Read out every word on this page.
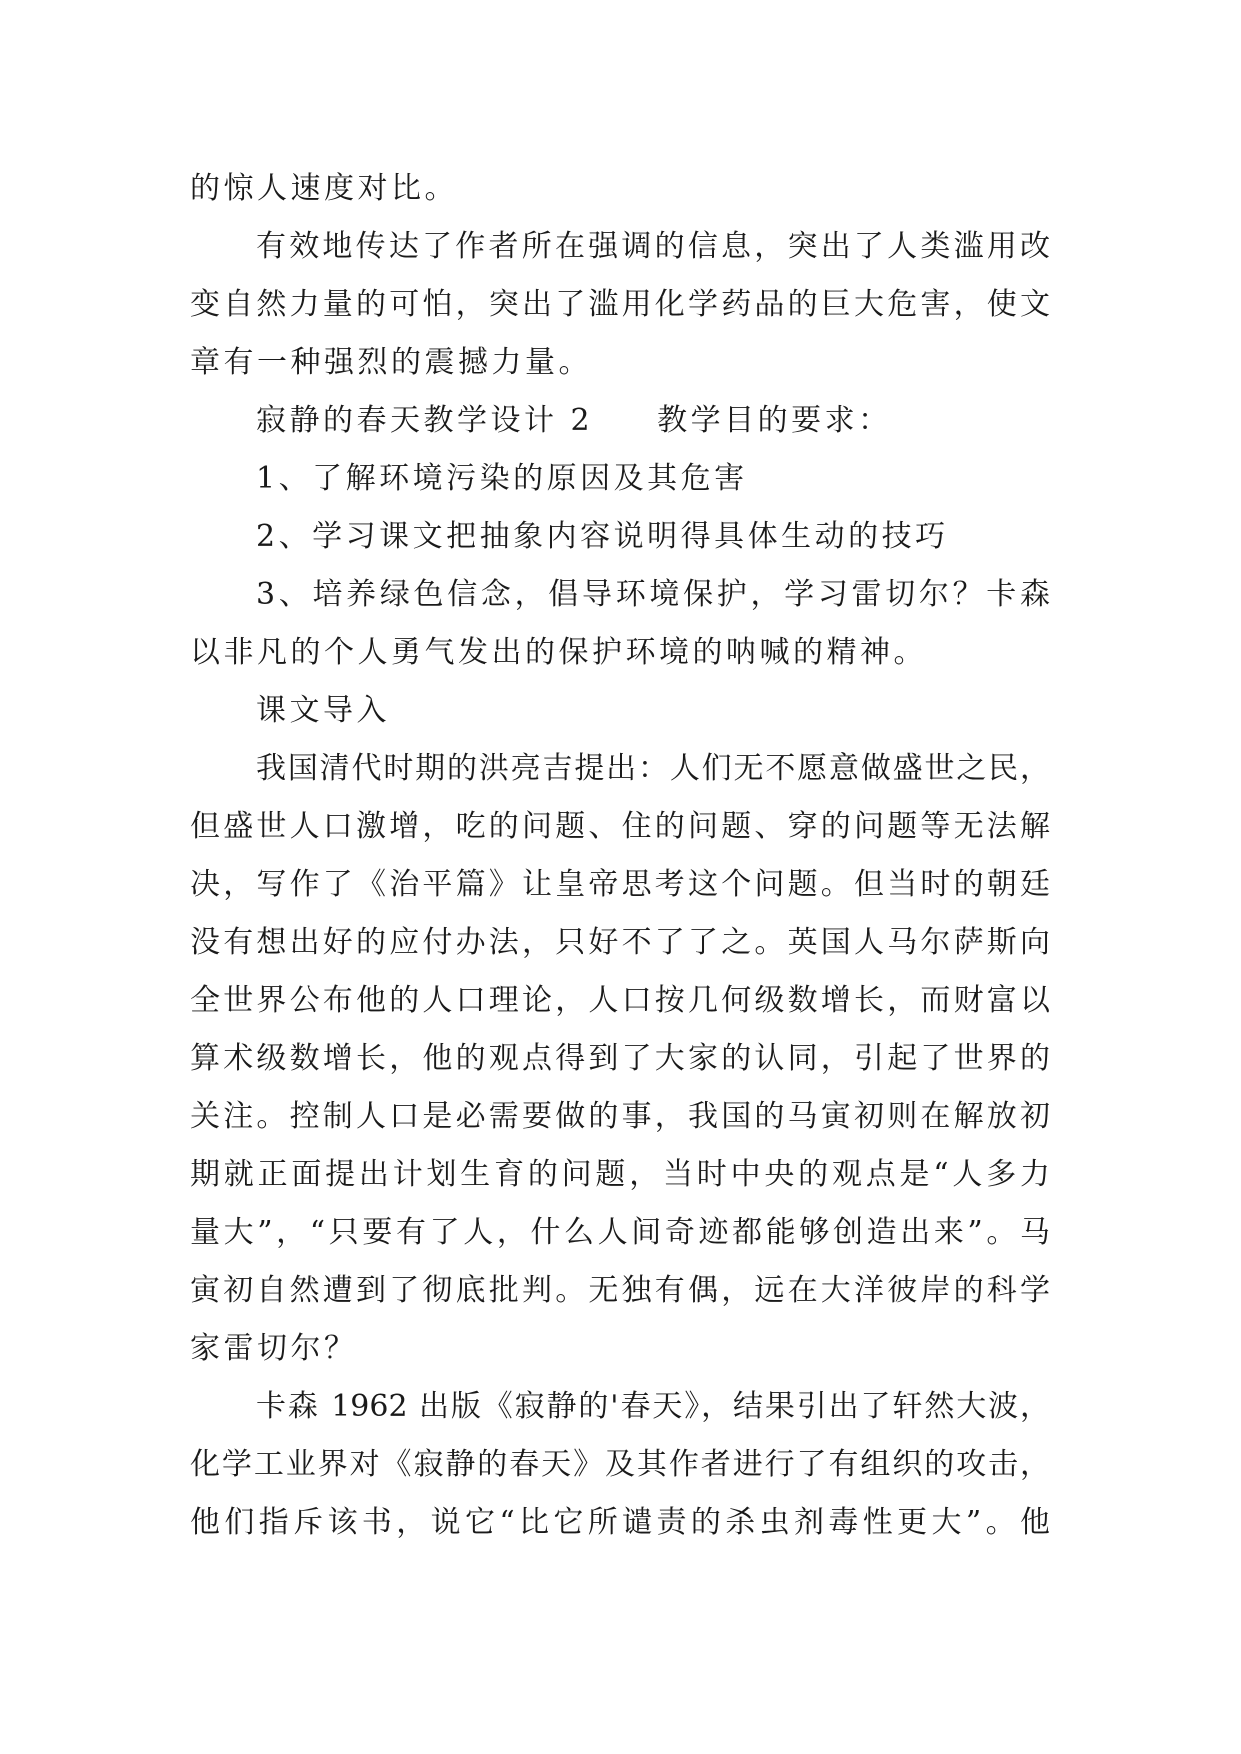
的惊人速度对比。
有效地传达了作者所在强调的信息，突出了人类滥用改
变自然力量的可怕，突出了滥用化学药品的巨大危害，使文
章有一种强烈的震撼力量。
寂静的春天教学设计 2 教学目的要求：
1、了解环境污染的原因及其危害
2、学习课文把抽象内容说明得具体生动的技巧
3、培养绿色信念，倡导环境保护，学习雷切尔？卡森
以非凡的个人勇气发出的保护环境的呐喊的精神。
课文导入
我国清代时期的洪亮吉提出：人们无不愿意做盛世之民，
但盛世人口激增，吃的问题、住的问题、穿的问题等无法解
决，写作了《治平篇》让皇帝思考这个问题。但当时的朝廷
没有想出好的应付办法，只好不了了之。英国人马尔萨斯向
全世界公布他的人口理论，人口按几何级数增长，而财富以
算术级数增长，他的观点得到了大家的认同，引起了世界的
关注。控制人口是必需要做的事，我国的马寅初则在解放初
期就正面提出计划生育的问题，当时中央的观点是“人多力
量大”，“只要有了人，什么人间奇迹都能够创造出来”。马
寅初自然遭到了彻底批判。无独有偶，远在大洋彼岸的科学
家雷切尔？
卡森 1962 出版《寂静的'春天》，结果引出了轩然大波，
化学工业界对《寂静的春天》及其作者进行了有组织的攻击，
他们指斥该书，说它“比它所谴责的杀虫剂毒性更大”。他
